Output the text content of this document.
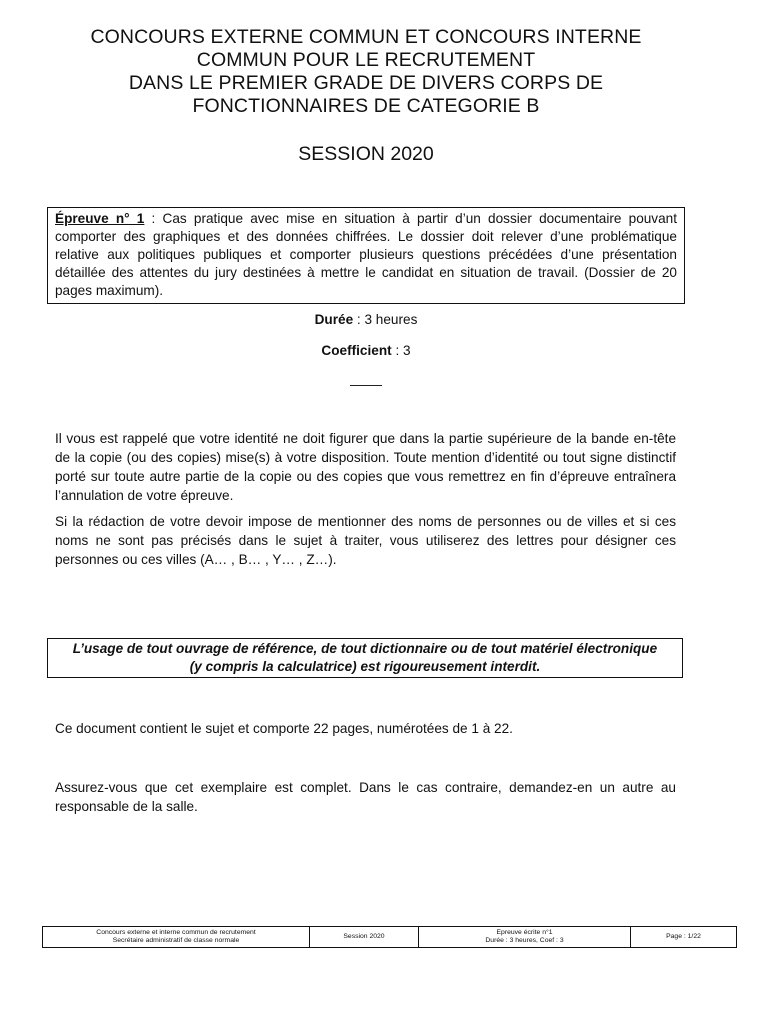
CONCOURS EXTERNE COMMUN ET CONCOURS INTERNE
COMMUN POUR LE RECRUTEMENT
DANS LE PREMIER GRADE DE DIVERS CORPS DE
FONCTIONNAIRES DE CATEGORIE B
SESSION 2020
Épreuve n° 1 : Cas pratique avec mise en situation à partir d’un dossier documentaire pouvant comporter des graphiques et des données chiffrées. Le dossier doit relever d’une problématique relative aux politiques publiques et comporter plusieurs questions précédées d’une présentation détaillée des attentes du jury destinées à mettre le candidat en situation de travail. (Dossier de 20 pages maximum).
Durée : 3 heures
Coefficient : 3

Il vous est rappelé que votre identité ne doit figurer que dans la partie supérieure de la bande en-tête de la copie (ou des copies) mise(s) à votre disposition. Toute mention d’identité ou tout signe distinctif porté sur toute autre partie de la copie ou des copies que vous remettrez en fin d’épreuve entraînera l’annulation de votre épreuve.

Si la rédaction de votre devoir impose de mentionner des noms de personnes ou de villes et si ces noms ne sont pas précisés dans le sujet à traiter, vous utiliserez des lettres pour désigner ces personnes ou ces villes (A… , B… , Y… , Z…).

L’usage de tout ouvrage de référence, de tout dictionnaire ou de tout matériel électronique
(y compris la calculatrice) est rigoureusement interdit.

Ce document contient le sujet et comporte 22 pages, numérotées de 1 à 22.

Assurez-vous que cet exemplaire est complet. Dans le cas contraire, demandez-en un autre au responsable de la salle.

Concours externe et interne commun de recrutement
Secrétaire administratif de classe normale
Session 2020
Epreuve écrite n°1
Durée : 3 heures, Coef : 3
Page : 1/22
